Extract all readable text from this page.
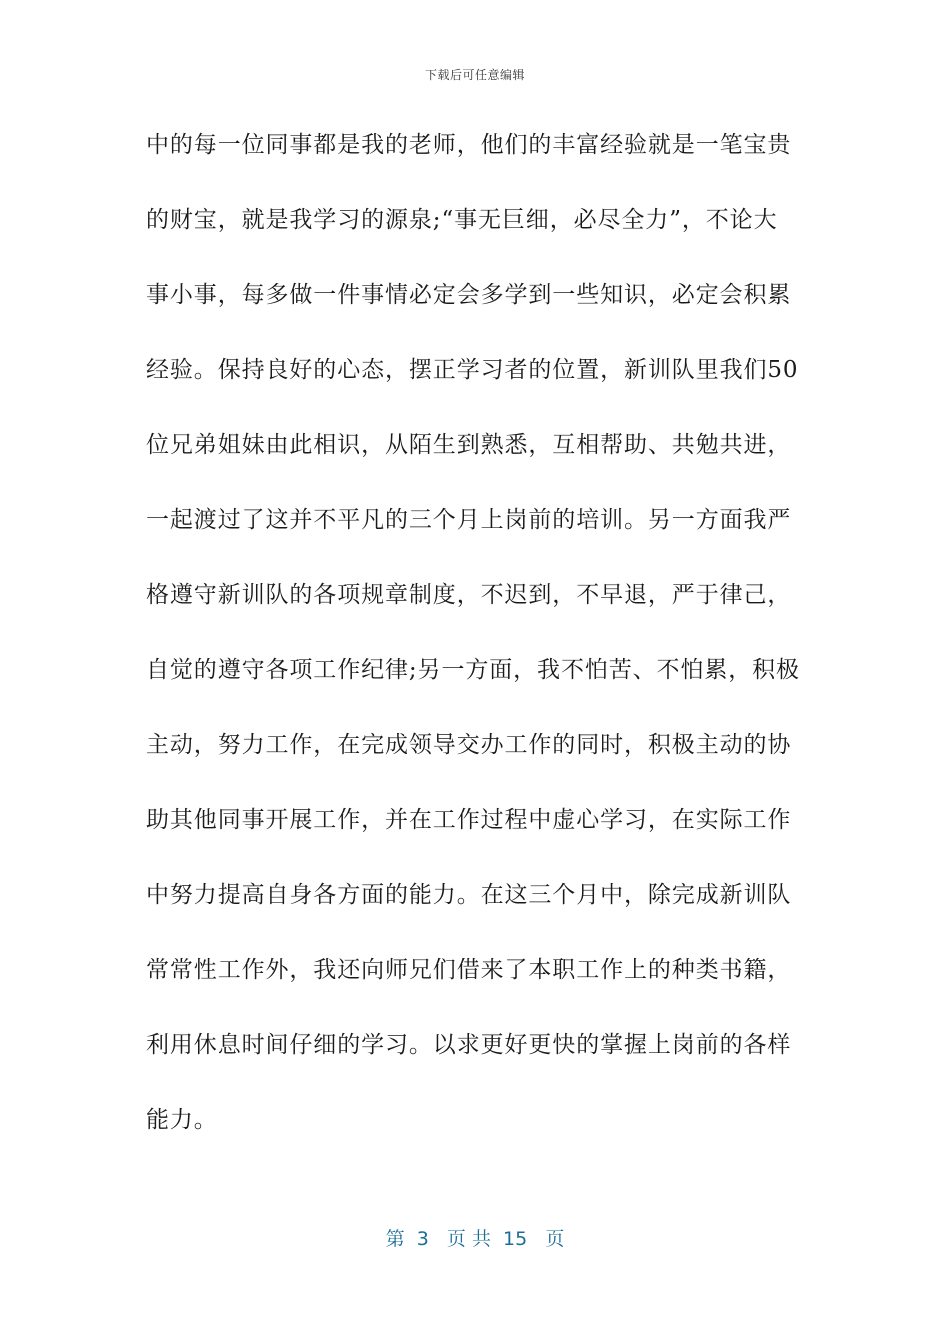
下载后可任意编辑
中的每一位同事都是我的老师，他们的丰富经验就是一笔宝贵
的财宝，就是我学习的源泉;“事无巨细，必尽全力”，不论大
事小事，每多做一件事情必定会多学到一些知识，必定会积累
经验。保持良好的心态，摆正学习者的位置，新训队里我们50
位兄弟姐妹由此相识，从陌生到熟悉，互相帮助、共勉共进，
一起渡过了这并不平凡的三个月上岗前的培训。另一方面我严
格遵守新训队的各项规章制度，不迟到，不早退，严于律己，
自觉的遵守各项工作纪律;另一方面，我不怕苦、不怕累，积极
主动，努力工作，在完成领导交办工作的同时，积极主动的协
助其他同事开展工作，并在工作过程中虚心学习，在实际工作
中努力提高自身各方面的能力。在这三个月中，除完成新训队
常常性工作外，我还向师兄们借来了本职工作上的种类书籍，
利用休息时间仔细的学习。以求更好更快的掌握上岗前的各样
能力。
第  3   页 共  15   页
